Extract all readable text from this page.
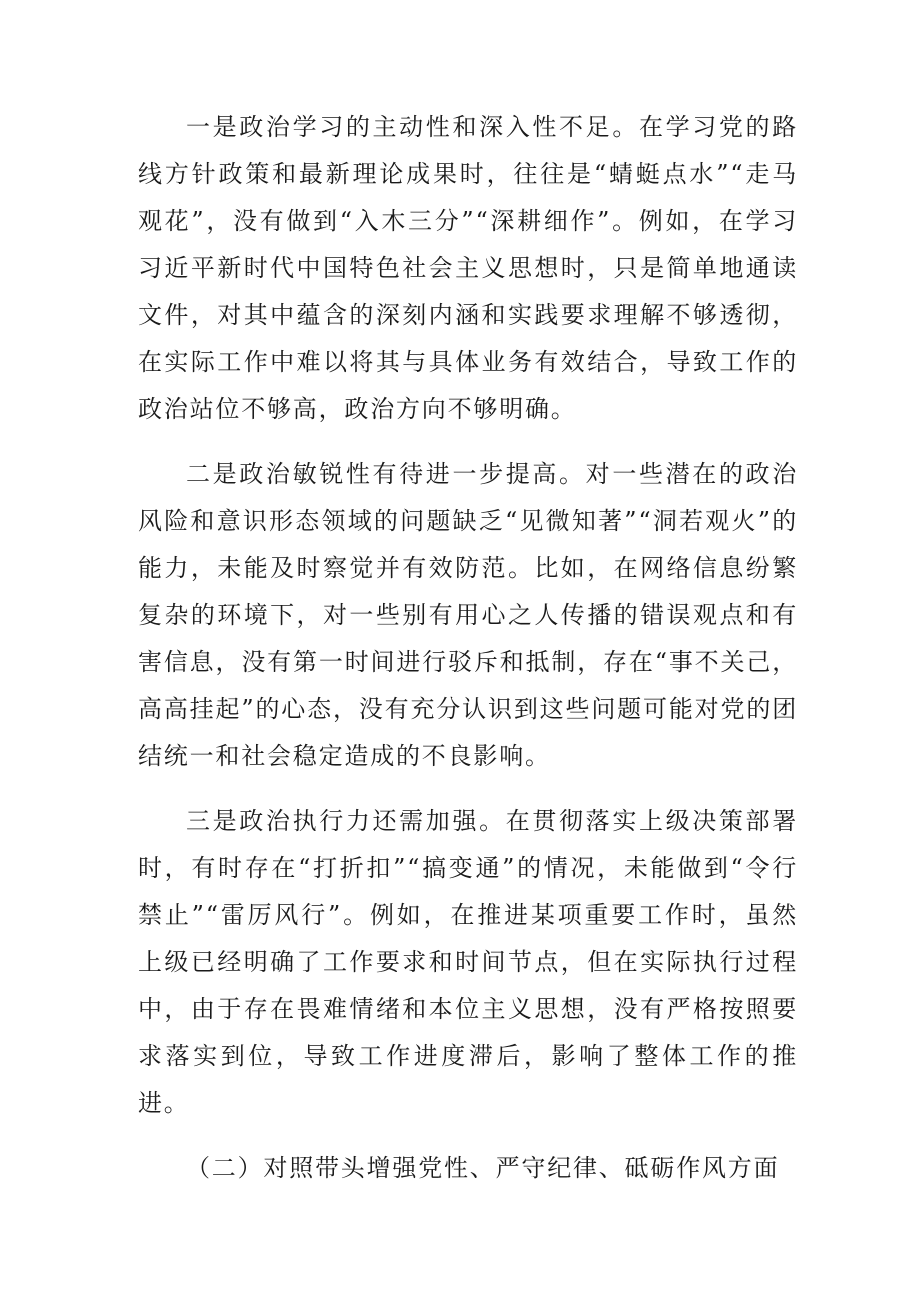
一是政治学习的主动性和深入性不足。在学习党的路线方针政策和最新理论成果时，往往是“蜻蜓点水”“走马观花”，没有做到“入木三分”“深耕细作”。例如，在学习习近平新时代中国特色社会主义思想时，只是简单地通读文件，对其中蕴含的深刻内涵和实践要求理解不够透彻，在实际工作中难以将其与具体业务有效结合，导致工作的政治站位不够高，政治方向不够明确。

二是政治敏锐性有待进一步提高。对一些潜在的政治风险和意识形态领域的问题缺乏“见微知著”“洞若观火”的能力，未能及时察觉并有效防范。比如，在网络信息纷繁复杂的环境下，对一些别有用心之人传播的错误观点和有害信息，没有第一时间进行驳斥和抵制，存在“事不关己，高高挂起”的心态，没有充分认识到这些问题可能对党的团结统一和社会稳定造成的不良影响。

三是政治执行力还需加强。在贯彻落实上级决策部署时，有时存在“打折扣”“搞变通”的情况，未能做到“令行禁止”“雷厉风行”。例如，在推进某项重要工作时，虽然上级已经明确了工作要求和时间节点，但在实际执行过程中，由于存在畏难情绪和本位主义思想，没有严格按照要求落实到位，导致工作进度滞后，影响了整体工作的推进。

（二）对照带头增强党性、严守纪律、砥砺作风方面
